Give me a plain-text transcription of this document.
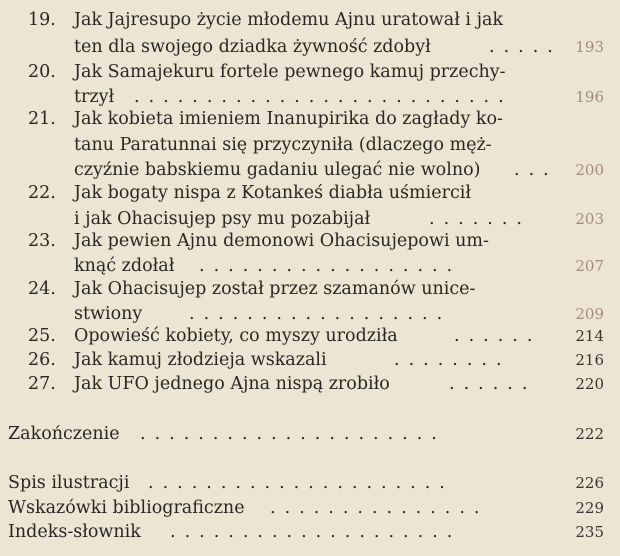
19. Jak Jajresupo życie młodemu Ajnu uratował i jak
ten dla swojego dziadka żywność zdobył	..... 193
20. Jak Samajekuru fortele pewnego kamuj przechy-
trzył ..........................	196
21. Jak kobieta imieniem Inanupirika do zagłady ko-
tanu Paratunnai się przyczyniła (dlaczego męż-
czyźnie babskiemu gadaniu ulegać nie wolno) ...	200
22. Jak bogaty nispa z Kotankeś diabła uśmiercił
i jak Ohacisujep psy mu pozabijał	.......	203
23. Jak pewien Ajnu demonowi Ohacisujepowi um-
knąć zdołał ..................	207
24. Jak Ohacisujep został przez szamanów unice-
stwiony	..................	209
25. Opowieść kobiety, co myszy urodziła	......	214
26. Jak kamuj złodzieja wskazali	........	216
27. Jak UFO jednego Ajna nispą zrobiło	......	220
Zakończenie .....................	222
Spis ilustracji .....................	226
Wskazówki bibliograficzne ...............	229
Indeks-słownik ....................	235
